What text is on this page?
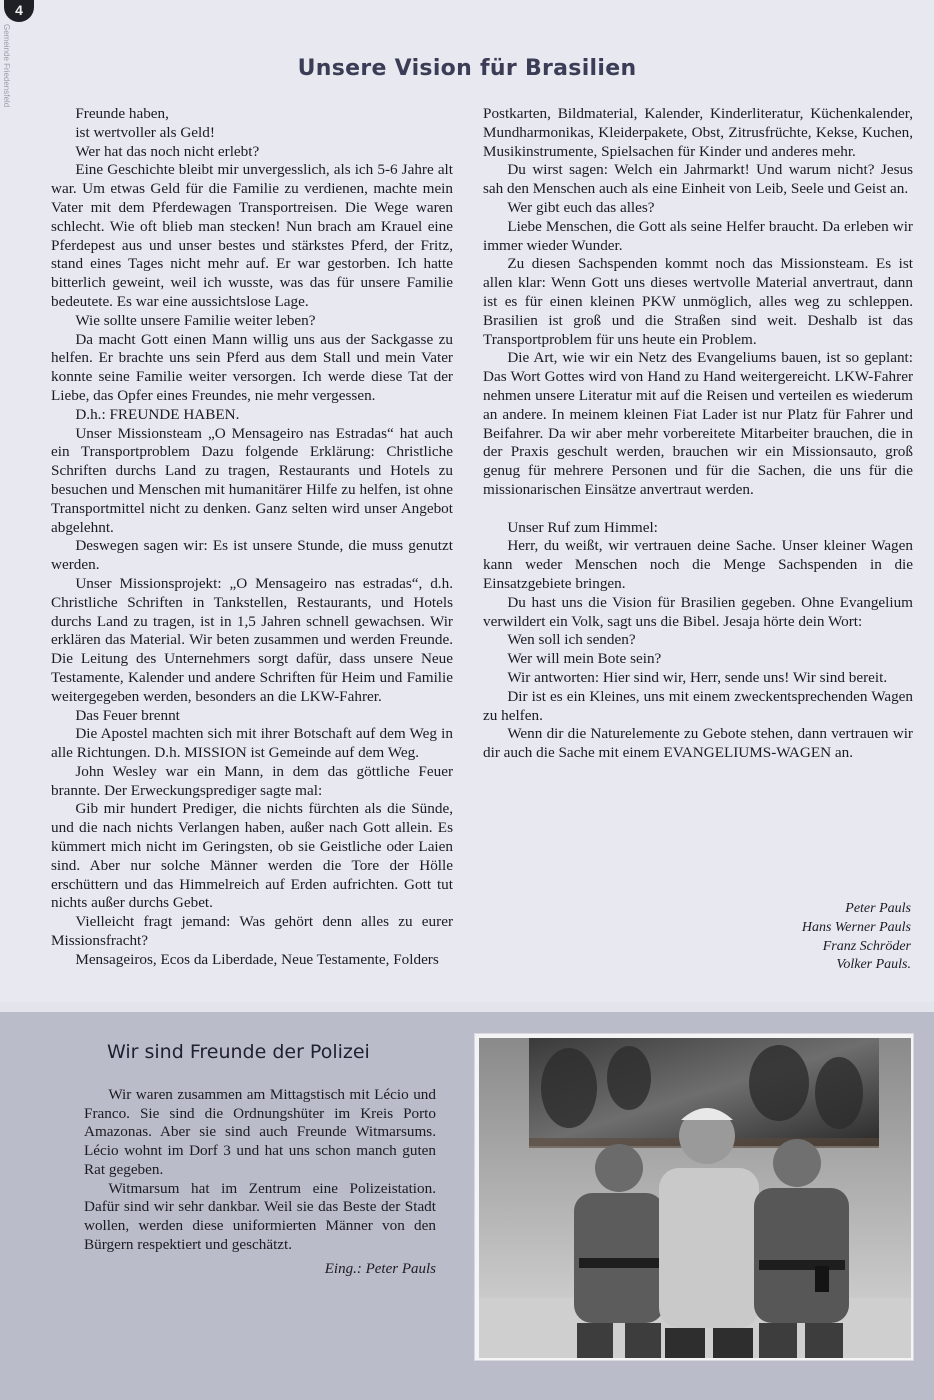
4
Gemeinde Friedensfeld	Unsere Vision für Brasilien

Freunde haben,

ist wertvoller als Geld!

Wer hat das noch nicht erlebt?

Eine Geschichte bleibt mir unvergesslich, als ich 5-6 Jahre alt war. Um etwas Geld für die Familie zu verdienen, machte mein Vater mit dem Pferdewagen Transportreisen. Die Wege waren schlecht. Wie oft blieb man stecken! Nun brach am Krauel eine Pferdepest aus und unser bestes und stärkstes Pferd, der Fritz, stand eines Tages nicht mehr auf. Er war gestorben. Ich hatte bitterlich geweint, weil ich wusste, was das für unsere Familie bedeutete. Es war eine aussichtslose Lage.

Wie sollte unsere Familie weiter leben?

Da macht Gott einen Mann willig uns aus der Sackgasse zu helfen. Er brachte uns sein Pferd aus dem Stall und mein Vater konnte seine Familie weiter versorgen. Ich werde diese Tat der Liebe, das Opfer eines Freundes, nie mehr vergessen.

D.h.: FREUNDE HABEN.

Unser Missionsteam „O Mensageiro nas Estradas“ hat auch ein Transportproblem Dazu folgende Erklärung: Christliche Schriften durchs Land zu tragen, Restaurants und Hotels zu besuchen und Menschen mit humanitärer Hilfe zu helfen, ist ohne Transportmittel nicht zu denken. Ganz selten wird unser Angebot abgelehnt.

Deswegen sagen wir: Es ist unsere Stunde, die muss genutzt werden.

Unser Missionsprojekt: „O Mensageiro nas estradas“, d.h. Christliche Schriften in Tankstellen, Restaurants, und Hotels durchs Land zu tragen, ist in 1,5 Jahren schnell gewachsen. Wir erklären das Material. Wir beten zusammen und werden Freunde. Die Leitung des Unternehmers sorgt dafür, dass unsere Neue Testamente, Kalender und andere Schriften für Heim und Familie weitergegeben werden, besonders an die LKW-Fahrer.

Das Feuer brennt

Die Apostel machten sich mit ihrer Botschaft auf dem Weg in alle Richtungen. D.h. MISSION ist Gemeinde auf dem Weg.

John Wesley war ein Mann, in dem das göttliche Feuer brannte. Der Erweckungsprediger sagte mal:

Gib mir hundert Prediger, die nichts fürchten als die Sünde, und die nach nichts Verlangen haben, außer nach Gott allein. Es kümmert mich nicht im Geringsten, ob sie Geistliche oder Laien sind. Aber nur solche Männer werden die Tore der Hölle erschüttern und das Himmelreich auf Erden aufrichten. Gott tut nichts außer durchs Gebet.

Vielleicht fragt jemand: Was gehört denn alles zu eurer Missionsfracht?

Mensageiros, Ecos da Liberdade, Neue Testamente, Folders

Postkarten, Bildmaterial, Kalender, Kinderliteratur, Küchenkalender, Mundharmonikas, Kleiderpakete, Obst, Zitrusfrüchte, Kekse, Kuchen, Musikinstrumente, Spielsachen für Kinder und anderes mehr.

Du wirst sagen: Welch ein Jahrmarkt! Und warum nicht? Jesus sah den Menschen auch als eine Einheit von Leib, Seele und Geist an.

Wer gibt euch das alles?

Liebe Menschen, die Gott als seine Helfer braucht. Da erleben wir immer wieder Wunder.

Zu diesen Sachspenden kommt noch das Missionsteam. Es ist allen klar: Wenn Gott uns dieses wertvolle Material anvertraut, dann ist es für einen kleinen PKW unmöglich, alles weg zu schleppen. Brasilien ist groß und die Straßen sind weit. Deshalb ist das Transportproblem für uns heute ein Problem.

Die Art, wie wir ein Netz des Evangeliums bauen, ist so geplant: Das Wort Gottes wird von Hand zu Hand weitergereicht. LKW-Fahrer nehmen unsere Literatur mit auf die Reisen und verteilen es wiederum an andere. In meinem kleinen Fiat Lader ist nur Platz für Fahrer und Beifahrer. Da wir aber mehr vorbereitete Mitarbeiter brauchen, die in der Praxis geschult werden, brauchen wir ein Missionsauto, groß genug für mehrere Personen und für die Sachen, die uns für die missionarischen Einsätze anvertraut werden.

Unser Ruf zum Himmel:

Herr, du weißt, wir vertrauen deine Sache. Unser kleiner Wagen kann weder Menschen noch die Menge Sachspenden in die Einsatzgebiete bringen.

Du hast uns die Vision für Brasilien gegeben. Ohne Evangelium verwildert ein Volk, sagt uns die Bibel. Jesaja hörte dein Wort:

Wen soll ich senden?

Wer will mein Bote sein?

Wir antworten: Hier sind wir, Herr, sende uns! Wir sind bereit.

Dir ist es ein Kleines, uns mit einem zweckentsprechenden Wagen zu helfen.

Wenn dir die Naturelemente zu Gebote stehen, dann vertrauen wir dir auch die Sache mit einem EVANGELIUMS-WAGEN an.

Peter Pauls
Hans Werner Pauls
Franz Schröder
Volker Pauls.
Wir sind Freunde der Polizei

Wir waren zusammen am Mittagstisch mit Lécio und Franco. Sie sind die Ordnungshüter im Kreis Porto Amazonas. Aber sie sind auch Freunde Witmarsums. Lécio wohnt im Dorf 3 und hat uns schon manch guten Rat gegeben.

Witmarsum hat im Zentrum eine Polizeistation. Dafür sind wir sehr dankbar. Weil sie das Beste der Stadt wollen, werden diese uniformierten Männer von den Bürgern respektiert und geschätzt.

Eing.: Peter Pauls
